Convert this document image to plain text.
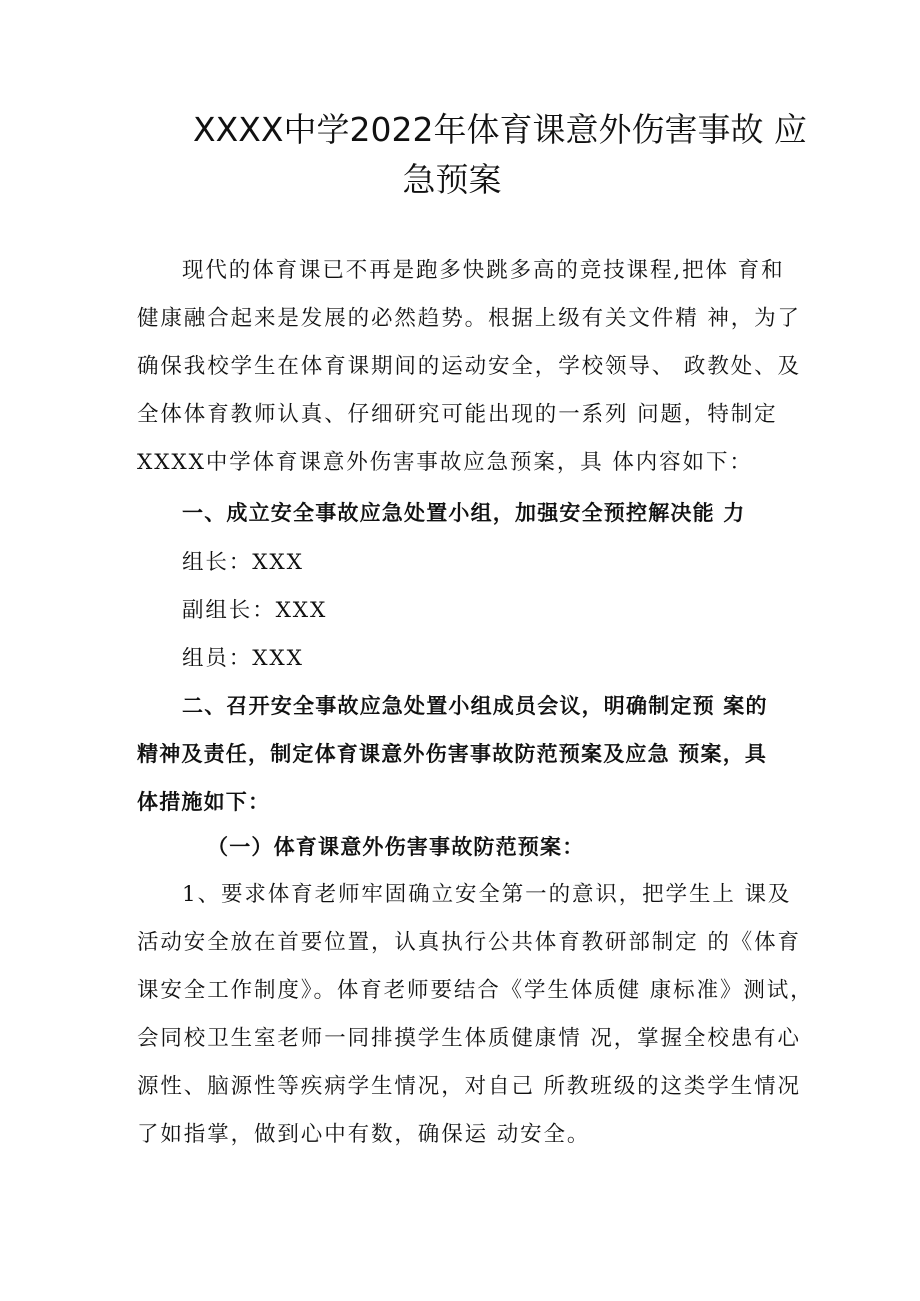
XXXX中学2022年体育课意外伤害事故 应
急预案
现代的体育课已不再是跑多快跳多高的竞技课程,把体 育和
健康融合起来是发展的必然趋势。根据上级有关文件精 神，为了
确保我校学生在体育课期间的运动安全，学校领导、 政教处、及
全体体育教师认真、仔细研究可能出现的一系列 问题，特制定
XXXX中学体育课意外伤害事故应急预案，具 体内容如下：
一、成立安全事故应急处置小组，加强安全预控解决能 力
组长：XXX
副组长：XXX
组员：XXX
二、召开安全事故应急处置小组成员会议，明确制定预 案的
精神及责任，制定体育课意外伤害事故防范预案及应急 预案，具
体措施如下：
（一）体育课意外伤害事故防范预案：
1、要求体育老师牢固确立安全第一的意识，把学生上 课及
活动安全放在首要位置，认真执行公共体育教研部制定 的《体育
课安全工作制度》。体育老师要结合《学生体质健 康标准》测试，
会同校卫生室老师一同排摸学生体质健康情 况，掌握全校患有心
源性、脑源性等疾病学生情况，对自己 所教班级的这类学生情况
了如指掌，做到心中有数，确保运 动安全。
